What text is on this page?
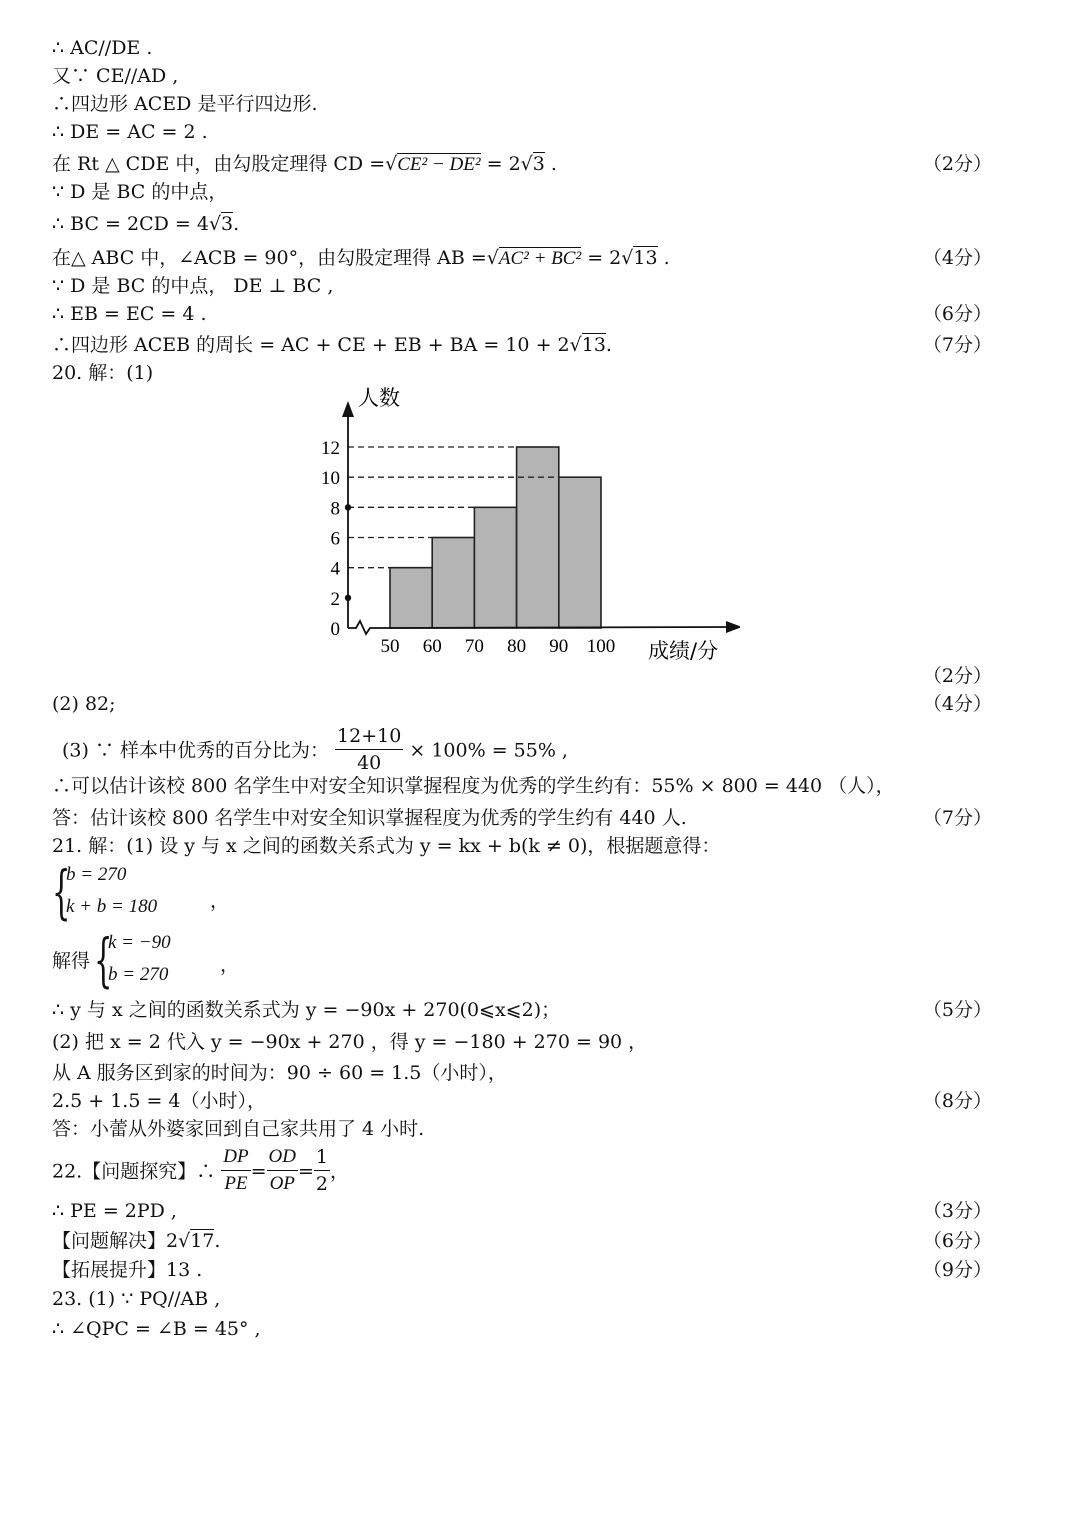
∴ AC//DE .
又∵ CE//AD ,
∴四边形 ACED 是平行四边形.
∴ DE = AC = 2 .
在 Rt △ CDE 中，由勾股定理得 CD =√CE² − DE² = 2√3 .	（2分）
∵ D 是 BC 的中点，
∴ BC = 2CD = 4√3.
在△ ABC 中，∠ACB = 90°，由勾股定理得 AB =√AC² + BC² = 2√13 .	（4分）
∵ D 是 BC 的中点， DE ⊥ BC ,
∴ EB = EC = 4 .	（6分）
∴四边形 ACEB 的周长 = AC + CE + EB + BA = 10 + 2√13.	（7分）
20. 解：(1)
0
2
4
6
8
10
12
50 60 70 80 90 100
人数
成绩/分
（2分）
(2) 82;	（4分）
(3) ∵ 样本中优秀的百分比为： $\frac{12+10}{40} \times 100\% = 55\%$ ,
∴可以估计该校 800 名学生中对安全知识掌握程度为优秀的学生约有：55% × 800 = 440 （人），
答：估计该校 800 名学生中对安全知识掌握程度为优秀的学生约有 440 人.	（7分）
21. 解：(1) 设 y 与 x 之间的函数关系式为 y = kx + b(k ≠ 0)，根据题意得：
{
b = 270
k + b = 180	，
解得 {
k = −90
b = 270	，
∴ y 与 x 之间的函数关系式为 y = −90x + 270(0⩽x⩽2)；	（5分）
(2) 把 x = 2 代入 y = −90x + 270 ，得 y = −180 + 270 = 90 ，
从 A 服务区到家的时间为：90 ÷ 60 = 1.5（小时），
2.5 + 1.5 = 4（小时），	（8分）
答：小蕾从外婆家回到自己家共用了 4 小时.
22.【问题探究】∴ $\frac{DP}{PE} = \frac{OD}{OP} = \frac{1}{2}$ ，
∴ PE = 2PD ,	（3分）
【问题解决】2√17.	（6分）
【拓展提升】13 .	（9分）
23. (1) ∵ PQ//AB ,
∴ ∠QPC = ∠B = 45° ,
